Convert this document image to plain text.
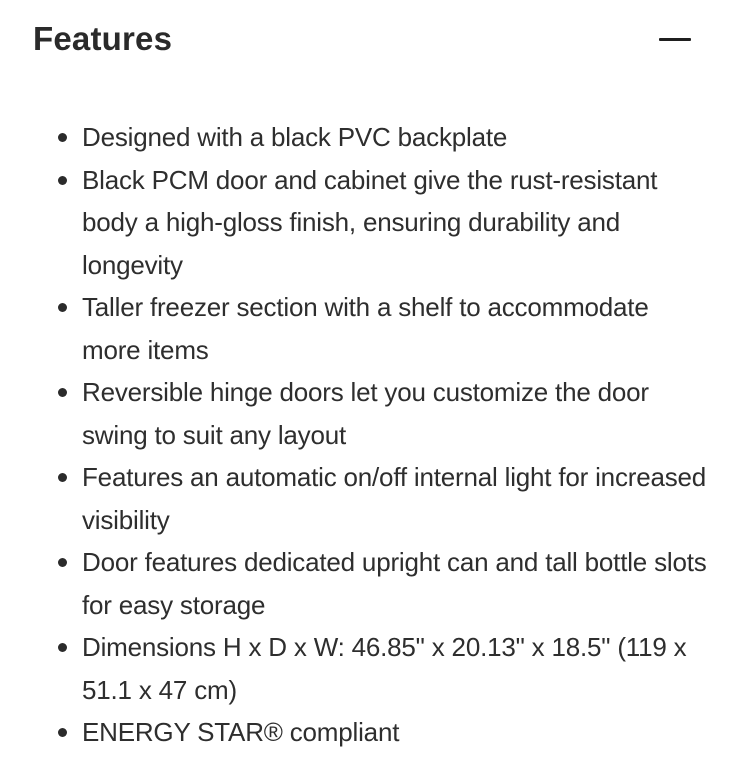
Features
Designed with a black PVC backplate
Black PCM door and cabinet give the rust-resistant body a high-gloss finish, ensuring durability and longevity
Taller freezer section with a shelf to accommodate more items
Reversible hinge doors let you customize the door swing to suit any layout
Features an automatic on/off internal light for increased visibility
Door features dedicated upright can and tall bottle slots for easy storage
Dimensions H x D x W: 46.85" x 20.13" x 18.5" (119 x 51.1 x 47 cm)
ENERGY STAR® compliant
